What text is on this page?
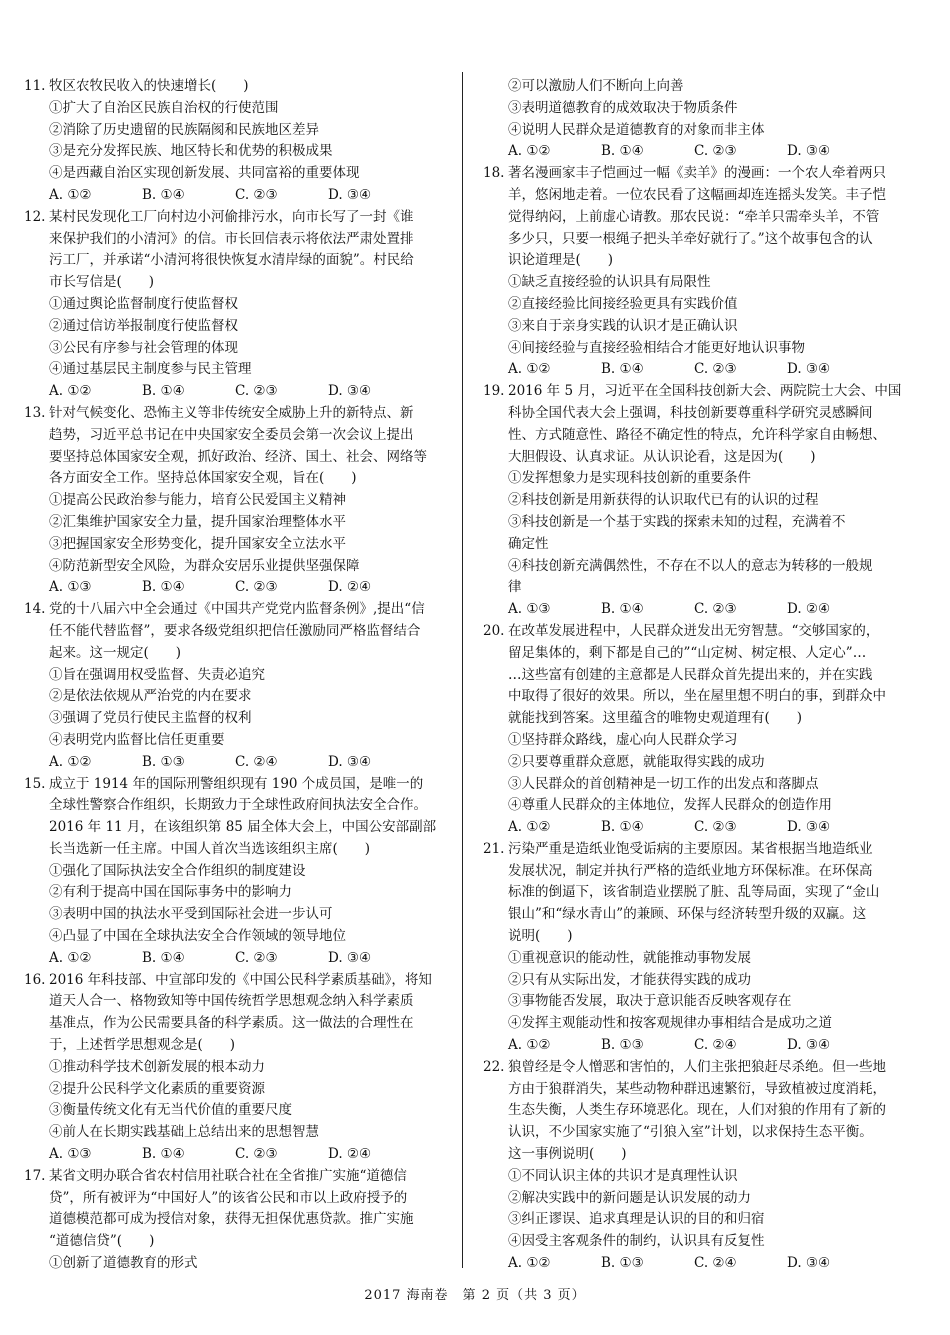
11. 牧区农牧民收入的快速增长(　　)
①扩大了自治区民族自治权的行使范围
②消除了历史遗留的民族隔阂和民族地区差异
③是充分发挥民族、地区特长和优势的积极成果
④是西藏自治区实现创新发展、共同富裕的重要体现
A. ①②	B. ①④	C. ②③	D. ③④
12. 某村民发现化工厂向村边小河偷排污水，向市长写了一封《谁
来保护我们的小清河》的信。市长回信表示将依法严肃处置排
污工厂，并承诺“小清河将很快恢复水清岸绿的面貌”。村民给
市长写信是(　　)
①通过舆论监督制度行使监督权
②通过信访举报制度行使监督权
③公民有序参与社会管理的体现
④通过基层民主制度参与民主管理
A. ①②	B. ①④	C. ②③	D. ③④
13. 针对气候变化、恐怖主义等非传统安全威胁上升的新特点、新
趋势，习近平总书记在中央国家安全委员会第一次会议上提出
要坚持总体国家安全观，抓好政治、经济、国土、社会、网络等
各方面安全工作。坚持总体国家安全观，旨在(　　)
①提高公民政治参与能力，培育公民爱国主义精神
②汇集维护国家安全力量，提升国家治理整体水平
③把握国家安全形势变化，提升国家安全立法水平
④防范新型安全风险，为群众安居乐业提供坚强保障
A. ①③	B. ①④	C. ②③	D. ②④
14. 党的十八届六中全会通过《中国共产党党内监督条例》,提出“信
任不能代替监督”，要求各级党组织把信任激励同严格监督结合
起来。这一规定(　　)
①旨在强调用权受监督、失责必追究
②是依法依规从严治党的内在要求
③强调了党员行使民主监督的权利
④表明党内监督比信任更重要
A. ①②	B. ①③	C. ②④	D. ③④
15. 成立于 1914 年的国际刑警组织现有 190 个成员国，是唯一的
全球性警察合作组织，长期致力于全球性政府间执法安全合作。
2016 年 11 月，在该组织第 85 届全体大会上，中国公安部副部
长当选新一任主席。中国人首次当选该组织主席(　　)
①强化了国际执法安全合作组织的制度建设
②有利于提高中国在国际事务中的影响力
③表明中国的执法水平受到国际社会进一步认可
④凸显了中国在全球执法安全合作领域的领导地位
A. ①②	B. ①④	C. ②③	D. ③④
16. 2016 年科技部、中宣部印发的《中国公民科学素质基础》，将知
道天人合一、格物致知等中国传统哲学思想观念纳入科学素质
基准点，作为公民需要具备的科学素质。这一做法的合理性在
于，上述哲学思想观念是(　　)
①推动科学技术创新发展的根本动力
②提升公民科学文化素质的重要资源
③衡量传统文化有无当代价值的重要尺度
④前人在长期实践基础上总结出来的思想智慧
A. ①③	B. ①④	C. ②③	D. ②④
17. 某省文明办联合省农村信用社联合社在全省推广实施“道德信
贷”，所有被评为“中国好人”的该省公民和市以上政府授予的
道德模范都可成为授信对象，获得无担保优惠贷款。推广实施
“道德信贷”(　　)
①创新了道德教育的形式
②可以激励人们不断向上向善
③表明道德教育的成效取决于物质条件
④说明人民群众是道德教育的对象而非主体
A. ①②	B. ①④	C. ②③	D. ③④
18. 著名漫画家丰子恺画过一幅《卖羊》的漫画：一个农人牵着两只
羊，悠闲地走着。一位农民看了这幅画却连连摇头发笑。丰子恺
觉得纳闷，上前虚心请教。那农民说：“牵羊只需牵头羊，不管
多少只，只要一根绳子把头羊牵好就行了。”这个故事包含的认
识论道理是(　　)
①缺乏直接经验的认识具有局限性
②直接经验比间接经验更具有实践价值
③来自于亲身实践的认识才是正确认识
④间接经验与直接经验相结合才能更好地认识事物
A. ①②	B. ①④	C. ②③	D. ③④
19. 2016 年 5 月，习近平在全国科技创新大会、两院院士大会、中国
科协全国代表大会上强调，科技创新要尊重科学研究灵感瞬间
性、方式随意性、路径不确定性的特点，允许科学家自由畅想、
大胆假设、认真求证。从认识论看，这是因为(　　)
①发挥想象力是实现科技创新的重要条件
②科技创新是用新获得的认识取代已有的认识的过程
③科技创新是一个基于实践的探索未知的过程，充满着不
确定性
④科技创新充满偶然性，不存在不以人的意志为转移的一般规
律
A. ①③	B. ①④	C. ②③	D. ②④
20. 在改革发展进程中，人民群众迸发出无穷智慧。“交够国家的，
留足集体的，剩下都是自己的”“山定树、树定根、人定心”…
…这些富有创建的主意都是人民群众首先提出来的，并在实践
中取得了很好的效果。所以，坐在屋里想不明白的事，到群众中
就能找到答案。这里蕴含的唯物史观道理有(　　)
①坚持群众路线，虚心向人民群众学习
②只要尊重群众意愿，就能取得实践的成功
③人民群众的首创精神是一切工作的出发点和落脚点
④尊重人民群众的主体地位，发挥人民群众的创造作用
A. ①②	B. ①④	C. ②③	D. ③④
21. 污染严重是造纸业饱受诟病的主要原因。某省根据当地造纸业
发展状况，制定并执行严格的造纸业地方环保标准。在环保高
标准的倒逼下，该省制造业摆脱了脏、乱等局面，实现了“金山
银山”和“绿水青山”的兼顾、环保与经济转型升级的双赢。这
说明(　　)
①重视意识的能动性，就能推动事物发展
②只有从实际出发，才能获得实践的成功
③事物能否发展，取决于意识能否反映客观存在
④发挥主观能动性和按客观规律办事相结合是成功之道
A. ①②	B. ①③	C. ②④	D. ③④
22. 狼曾经是令人憎恶和害怕的，人们主张把狼赶尽杀绝。但一些地
方由于狼群消失，某些动物种群迅速繁衍，导致植被过度消耗，
生态失衡，人类生存环境恶化。现在，人们对狼的作用有了新的
认识，不少国家实施了“引狼入室”计划，以求保持生态平衡。
这一事例说明(　　)
①不同认识主体的共识才是真理性认识
②解决实践中的新问题是认识发展的动力
③纠正谬误、追求真理是认识的目的和归宿
④因受主客观条件的制约，认识具有反复性
A. ①②	B. ①③	C. ②④	D. ③④
2017 海南卷　第 2 页（共 3 页）
